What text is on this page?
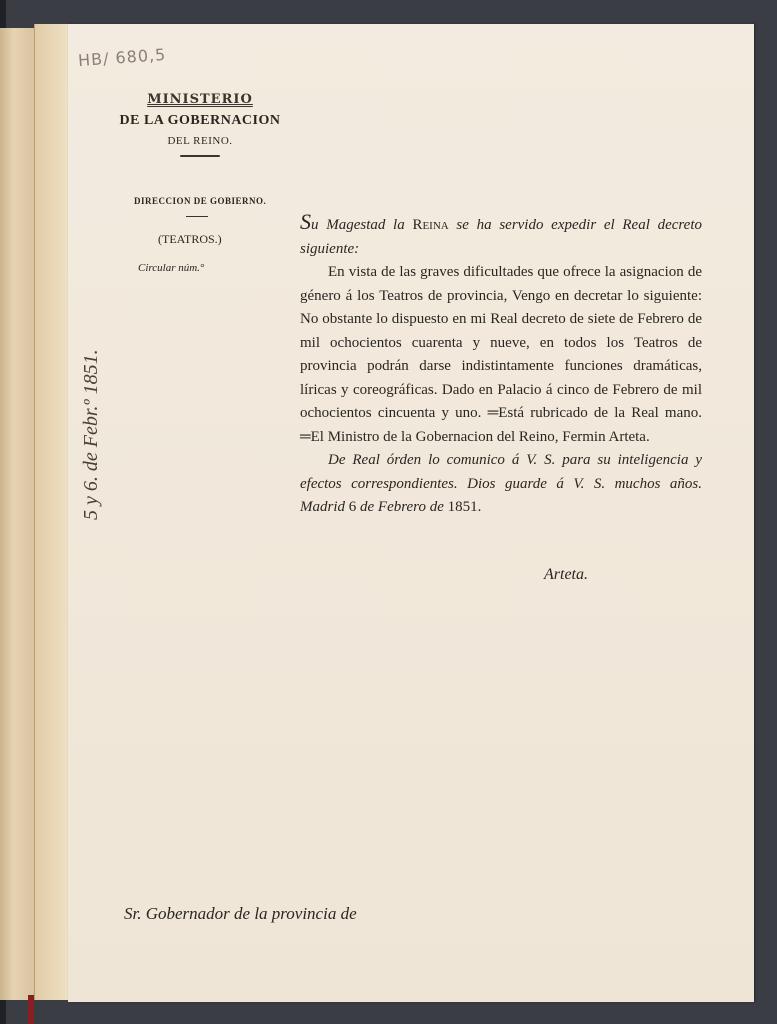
HB/ 680,5
MINISTERIO
DE LA GOBERNACION
DEL REINO.
DIRECCION DE GOBIERNO.
(TEATROS.)
Circular núm.°
5 y 6. de Febr.º 1851.

Su Magestad la Reina se ha servido expedir el Real decreto siguiente:

En vista de las graves dificultades que ofrece la asignacion de género á los Teatros de provincia, Vengo en decretar lo siguiente: No obstante lo dispuesto en mi Real decreto de siete de Febrero de mil ochocientos cuarenta y nueve, en todos los Teatros de provincia podrán darse indistintamente funciones dramáticas, líricas y coreográficas. Dado en Palacio á cinco de Febrero de mil ochocientos cincuenta y uno. ═Está rubricado de la Real mano. ═El Ministro de la Gobernacion del Reino, Fermin Arteta.

De Real órden lo comunico á V. S. para su inteligencia y efectos correspondientes. Dios guarde á V. S. muchos años. Madrid 6 de Febrero de 1851.

Arteta.
Sr. Gobernador de la provincia de
